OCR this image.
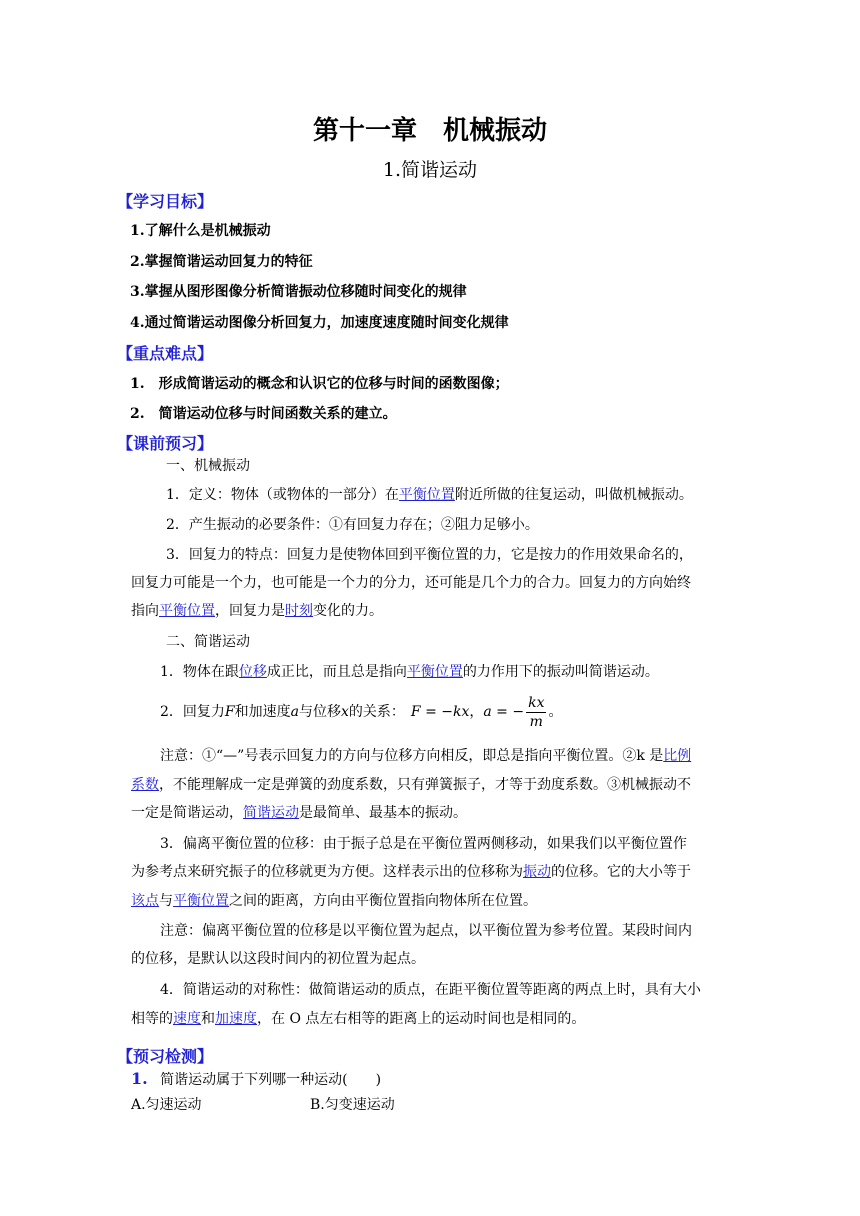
第十一章　机械振动
1.简谐运动
【学习目标】
1.了解什么是机械振动
2.掌握简谐运动回复力的特征
3.掌握从图形图像分析简谐振动位移随时间变化的规律
4.通过简谐运动图像分析回复力，加速度速度随时间变化规律
【重点难点】
1.　形成简谐运动的概念和认识它的位移与时间的函数图像；
2.　简谐运动位移与时间函数关系的建立。
【课前预习】
一、机械振动
1．定义：物体（或物体的一部分）在平衡位置附近所做的往复运动，叫做机械振动。
2．产生振动的必要条件：①有回复力存在；②阻力足够小。
3．回复力的特点：回复力是使物体回到平衡位置的力，它是按力的作用效果命名的，
回复力可能是一个力，也可能是一个力的分力，还可能是几个力的合力。回复力的方向始终
指向平衡位置，回复力是时刻变化的力。
二、简谐运动
1．物体在跟位移成正比，而且总是指向平衡位置的力作用下的振动叫简谐运动。
2．回复力F和加速度a与位移x的关系： F = −kx，a = − $\frac{kx}{m}$ 。
注意：①“—”号表示回复力的方向与位移方向相反，即总是指向平衡位置。②k 是比例
系数，不能理解成一定是弹簧的劲度系数，只有弹簧振子，才等于劲度系数。③机械振动不
一定是简谐运动，简谐运动是最简单、最基本的振动。
3．偏离平衡位置的位移：由于振子总是在平衡位置两侧移动，如果我们以平衡位置作
为参考点来研究振子的位移就更为方便。这样表示出的位移称为振动的位移。它的大小等于
该点与平衡位置之间的距离，方向由平衡位置指向物体所在位置。
注意：偏离平衡位置的位移是以平衡位置为起点，以平衡位置为参考位置。某段时间内
的位移，是默认以这段时间内的初位置为起点。
4．简谐运动的对称性：做简谐运动的质点，在距平衡位置等距离的两点上时，具有大小
相等的速度和加速度，在 O 点左右相等的距离上的运动时间也是相同的。
【预习检测】
1. 简谐运动属于下列哪一种运动(　　)
A.匀速运动	B.匀变速运动
